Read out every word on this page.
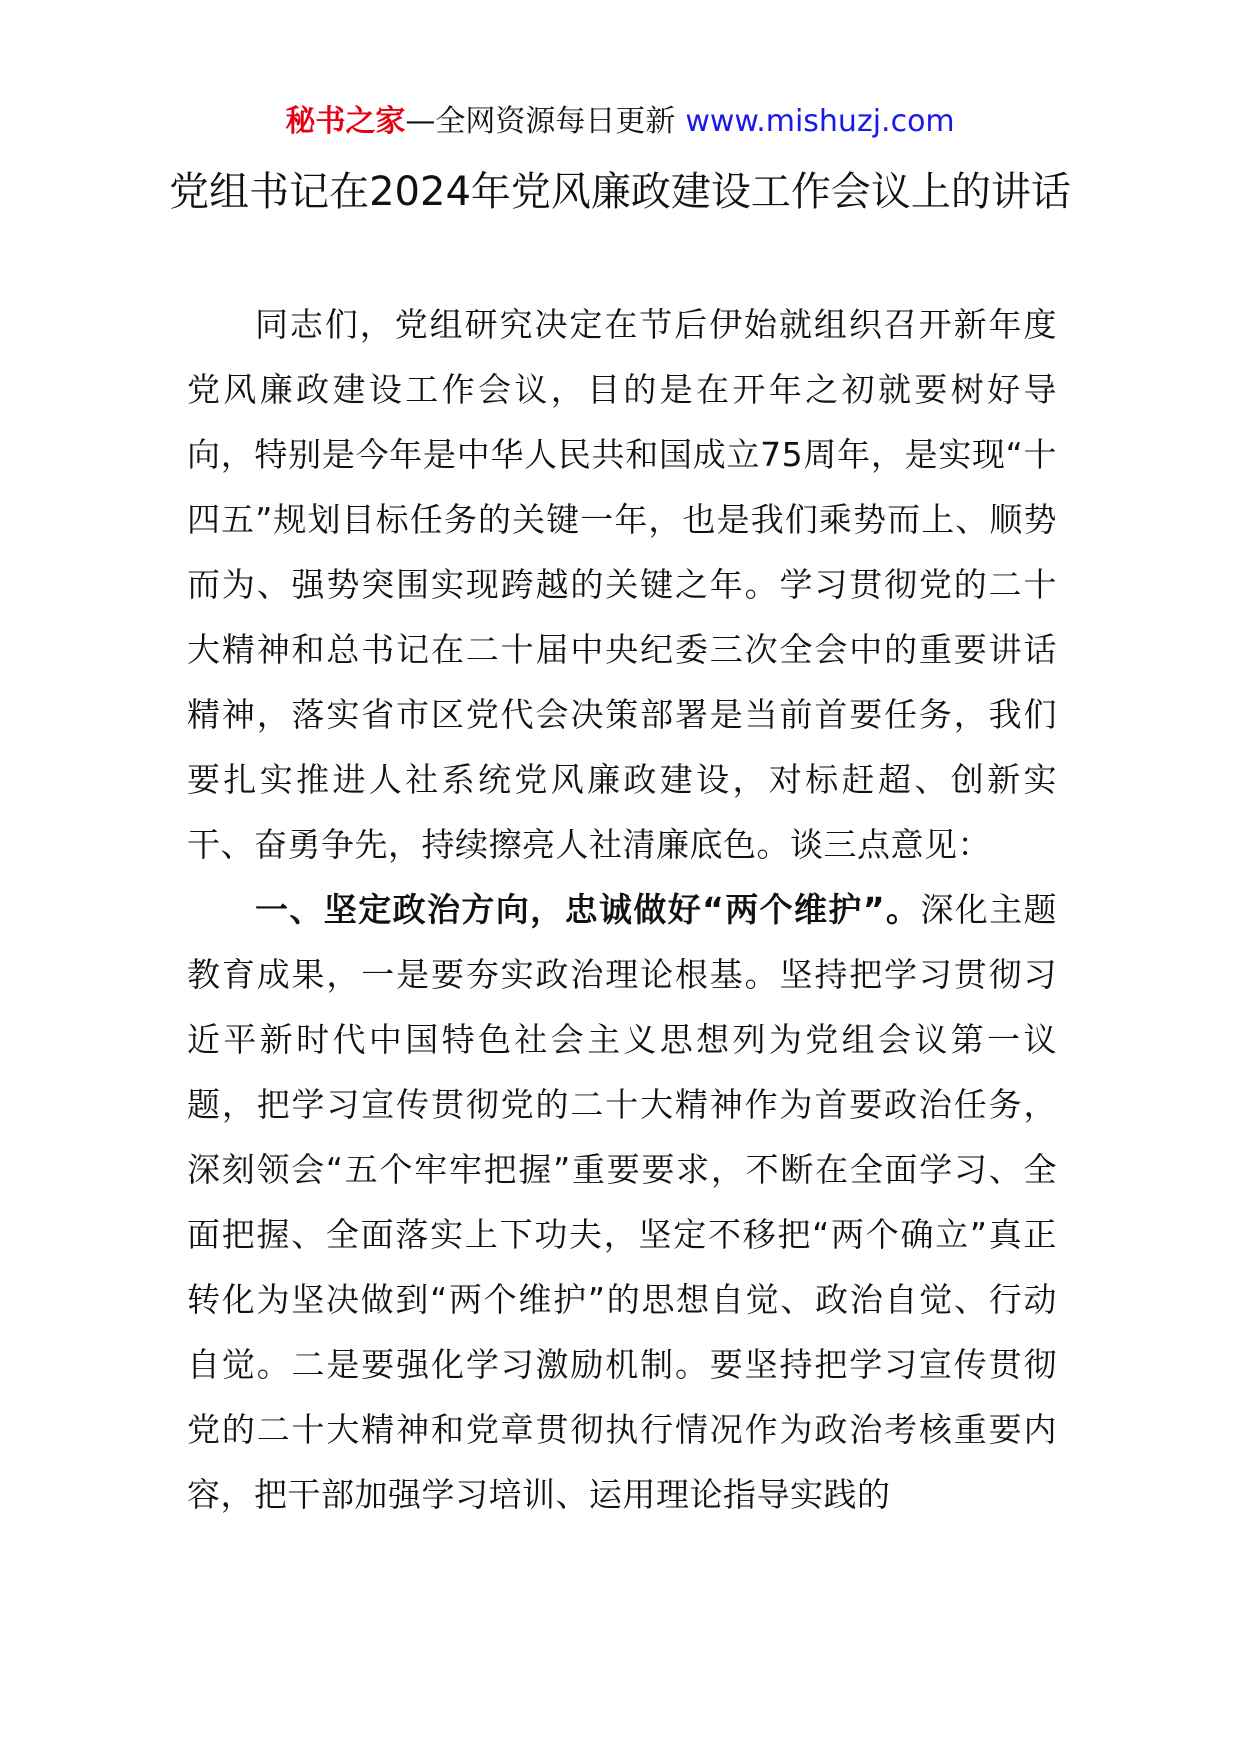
秘书之家—全网资源每日更新 www.mishuzj.com
党组书记在2024年党风廉政建设工作会议上的讲话

同志们，党组研究决定在节后伊始就组织召开新年度党风廉政建设工作会议，目的是在开年之初就要树好导向，特别是今年是中华人民共和国成立75周年，是实现“十四五”规划目标任务的关键一年，也是我们乘势而上、顺势而为、强势突围实现跨越的关键之年。学习贯彻党的二十大精神和总书记在二十届中央纪委三次全会中的重要讲话精神，落实省市区党代会决策部署是当前首要任务，我们要扎实推进人社系统党风廉政建设，对标赶超、创新实干、奋勇争先，持续擦亮人社清廉底色。谈三点意见：

一、坚定政治方向，忠诚做好“两个维护”。深化主题教育成果，一是要夯实政治理论根基。坚持把学习贯彻习近平新时代中国特色社会主义思想列为党组会议第一议题，把学习宣传贯彻党的二十大精神作为首要政治任务，深刻领会“五个牢牢把握”重要要求，不断在全面学习、全面把握、全面落实上下功夫，坚定不移把“两个确立”真正转化为坚决做到“两个维护”的思想自觉、政治自觉、行动自觉。二是要强化学习激励机制。要坚持把学习宣传贯彻党的二十大精神和党章贯彻执行情况作为政治考核重要内容，把干部加强学习培训、运用理论指导实践的
